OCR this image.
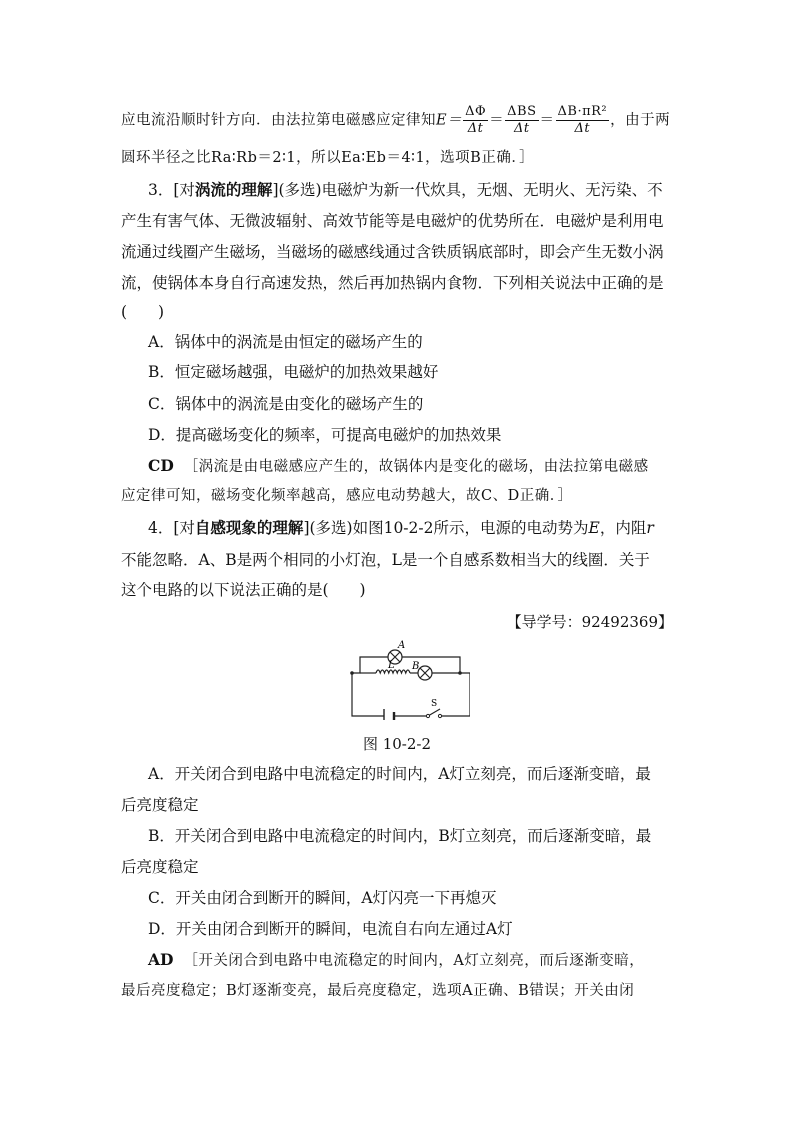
应电流沿顺时针方向．由法拉第电磁感应定律知$E= \frac{\Delta\Phi}{\Delta t} = \frac{\text{ΔBS}}{\Delta t} = \frac{\text{ΔB·πR²}}{\Delta t}$ ，由于两
圆环半径之比Ra∶Rb＝2∶1，所以Ea∶Eb＝4∶1，选项B正确．］
3．[对涡流的理解](多选)电磁炉为新一代炊具，无烟、无明火、无污染、不
产生有害气体、无微波辐射、高效节能等是电磁炉的优势所在．电磁炉是利用电
流通过线圈产生磁场，当磁场的磁感线通过含铁质锅底部时，即会产生无数小涡
流，使锅体本身自行高速发热，然后再加热锅内食物．下列相关说法中正确的是
(　　)
A．锅体中的涡流是由恒定的磁场产生的
B．恒定磁场越强，电磁炉的加热效果越好
C．锅体中的涡流是由变化的磁场产生的
D．提高磁场变化的频率，可提高电磁炉的加热效果
CD ［涡流是由电磁感应产生的，故锅体内是变化的磁场，由法拉第电磁感
应定律可知，磁场变化频率越高，感应电动势越大，故C、D正确．］
4．[对自感现象的理解](多选)如图10-2-2所示，电源的电动势为E，内阻r
不能忽略．A、B是两个相同的小灯泡，L是一个自感系数相当大的线圈．关于
这个电路的以下说法正确的是(　　)
【导学号：92492369】
A
L B
S
图 10-2-2
A．开关闭合到电路中电流稳定的时间内，A灯立刻亮，而后逐渐变暗，最
后亮度稳定
B．开关闭合到电路中电流稳定的时间内，B灯立刻亮，而后逐渐变暗，最
后亮度稳定
C．开关由闭合到断开的瞬间，A灯闪亮一下再熄灭
D．开关由闭合到断开的瞬间，电流自右向左通过A灯
AD ［开关闭合到电路中电流稳定的时间内，A灯立刻亮，而后逐渐变暗，
最后亮度稳定；B灯逐渐变亮，最后亮度稳定，选项A正确、B错误；开关由闭
